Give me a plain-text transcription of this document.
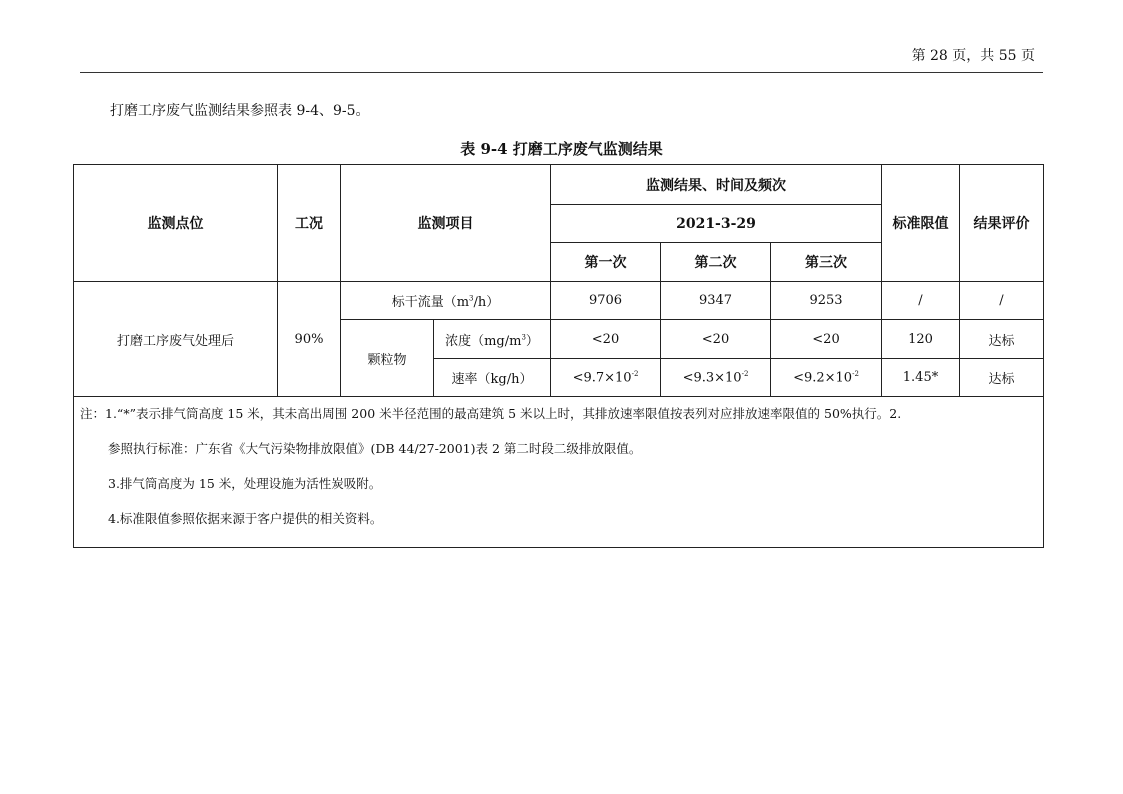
第 28 页，共 55 页
打磨工序废气监测结果参照表 9-4、9-5。
表 9-4 打磨工序废气监测结果
监测点位	工况	监测项目		监测结果、时间及频次			标准限值	结果评价
				2021-3-29				
				第一次	第二次	第三次		
打磨工序废气处理后	90%	标干流量$(m^3/h)$		9706	9347	9253	/	/
		颗粒物	浓度$(mg/m^3)$	<20	<20	<20	120	达标
			速率（kg/h）	$<9.7\times 10^{-2}$	$<9.3\times 10^{-2}$	$<9.2\times 10^{-2}$	1.45*	达标

注：1.“*”表示排气筒高度 15 米，其未高出周围 200 米半径范围的最高建筑 5 米以上时，其排放速率限值按表列对应排放速率限值的 50%执行。2.
参照执行标准：广东省《大气污染物排放限值》(DB 44/27-2001)表 2 第二时段二级排放限值。
3.排气筒高度为 15 米，处理设施为活性炭吸附。
4.标准限值参照依据来源于客户提供的相关资料。								
